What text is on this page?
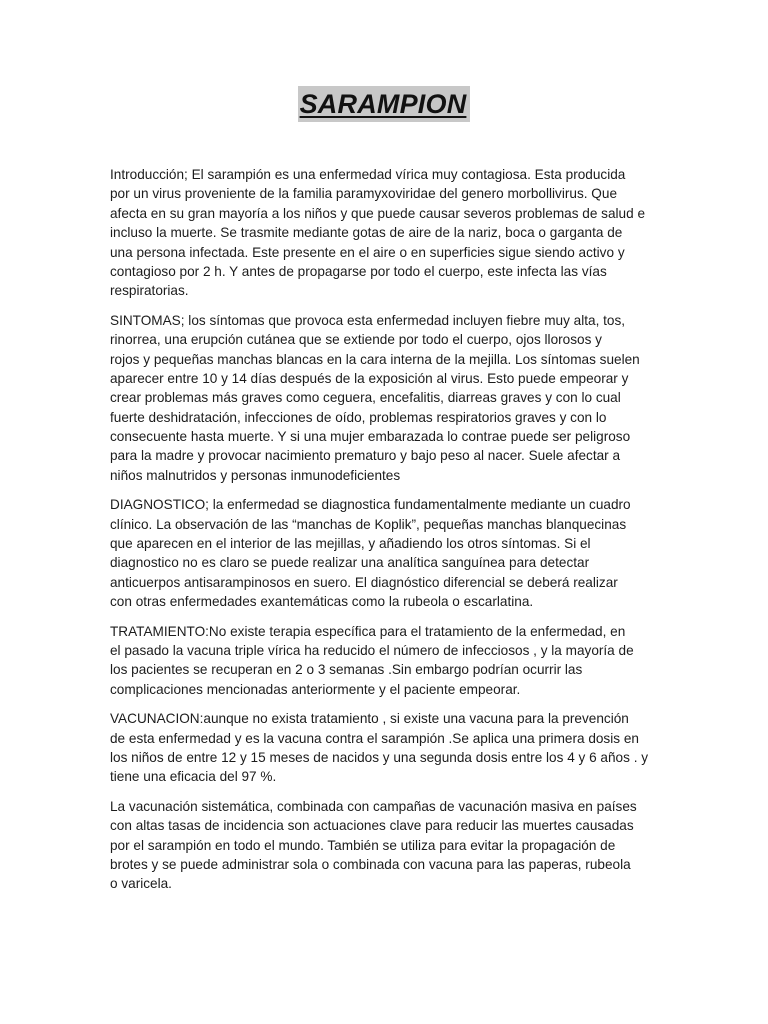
SARAMPION
Introducción; El sarampión es una enfermedad vírica muy contagiosa. Esta producida
por un virus proveniente de la familia paramyxoviridae del genero morbollivirus. Que
afecta en su gran mayoría a los niños y que puede causar severos problemas de salud e
incluso la muerte. Se trasmite mediante gotas de aire de la nariz, boca o garganta de
una persona infectada. Este presente en el aire o en superficies sigue siendo activo y
contagioso por 2 h. Y antes de propagarse por todo el cuerpo, este infecta las vías
respiratorias.
SINTOMAS; los síntomas que provoca esta enfermedad incluyen fiebre muy alta, tos,
rinorrea, una erupción cutánea que se extiende por todo el cuerpo, ojos llorosos y
rojos y pequeñas manchas blancas en la cara interna de la mejilla. Los síntomas suelen
aparecer entre 10 y 14 días después de la exposición al virus. Esto puede empeorar y
crear problemas más graves como ceguera, encefalitis, diarreas graves y con lo cual
fuerte deshidratación, infecciones de oído, problemas respiratorios graves y con lo
consecuente hasta muerte. Y si una mujer embarazada lo contrae puede ser peligroso
para la madre y provocar nacimiento prematuro y bajo peso al nacer. Suele afectar a
niños malnutridos y personas inmunodeficientes
DIAGNOSTICO; la enfermedad se diagnostica fundamentalmente mediante un cuadro
clínico. La observación de las “manchas de Koplik”, pequeñas manchas blanquecinas
que aparecen en el interior de las mejillas, y añadiendo los otros síntomas. Si el
diagnostico no es claro se puede realizar una analítica sanguínea para detectar
anticuerpos antisarampinosos en suero. El diagnóstico diferencial se deberá realizar
con otras enfermedades exantemáticas como la rubeola o escarlatina.
TRATAMIENTO:No existe terapia específica para el tratamiento de la enfermedad, en
el pasado la vacuna triple vírica ha reducido el número de infecciosos , y la mayoría de
los pacientes se recuperan en 2 o 3 semanas .Sin embargo podrían ocurrir las
complicaciones mencionadas anteriormente y el paciente empeorar.
VACUNACION:aunque no exista tratamiento , si existe una vacuna para la prevención
de esta enfermedad y es la vacuna contra el sarampión .Se aplica una primera dosis en
los niños de entre 12 y 15 meses de nacidos y una segunda dosis entre los 4 y 6 años . y
tiene una eficacia del 97 %.
La vacunación sistemática, combinada con campañas de vacunación masiva en países
con altas tasas de incidencia son actuaciones clave para reducir las muertes causadas
por el sarampión en todo el mundo. También se utiliza para evitar la propagación de
brotes y se puede administrar sola o combinada con vacuna para las paperas, rubeola
o varicela.
